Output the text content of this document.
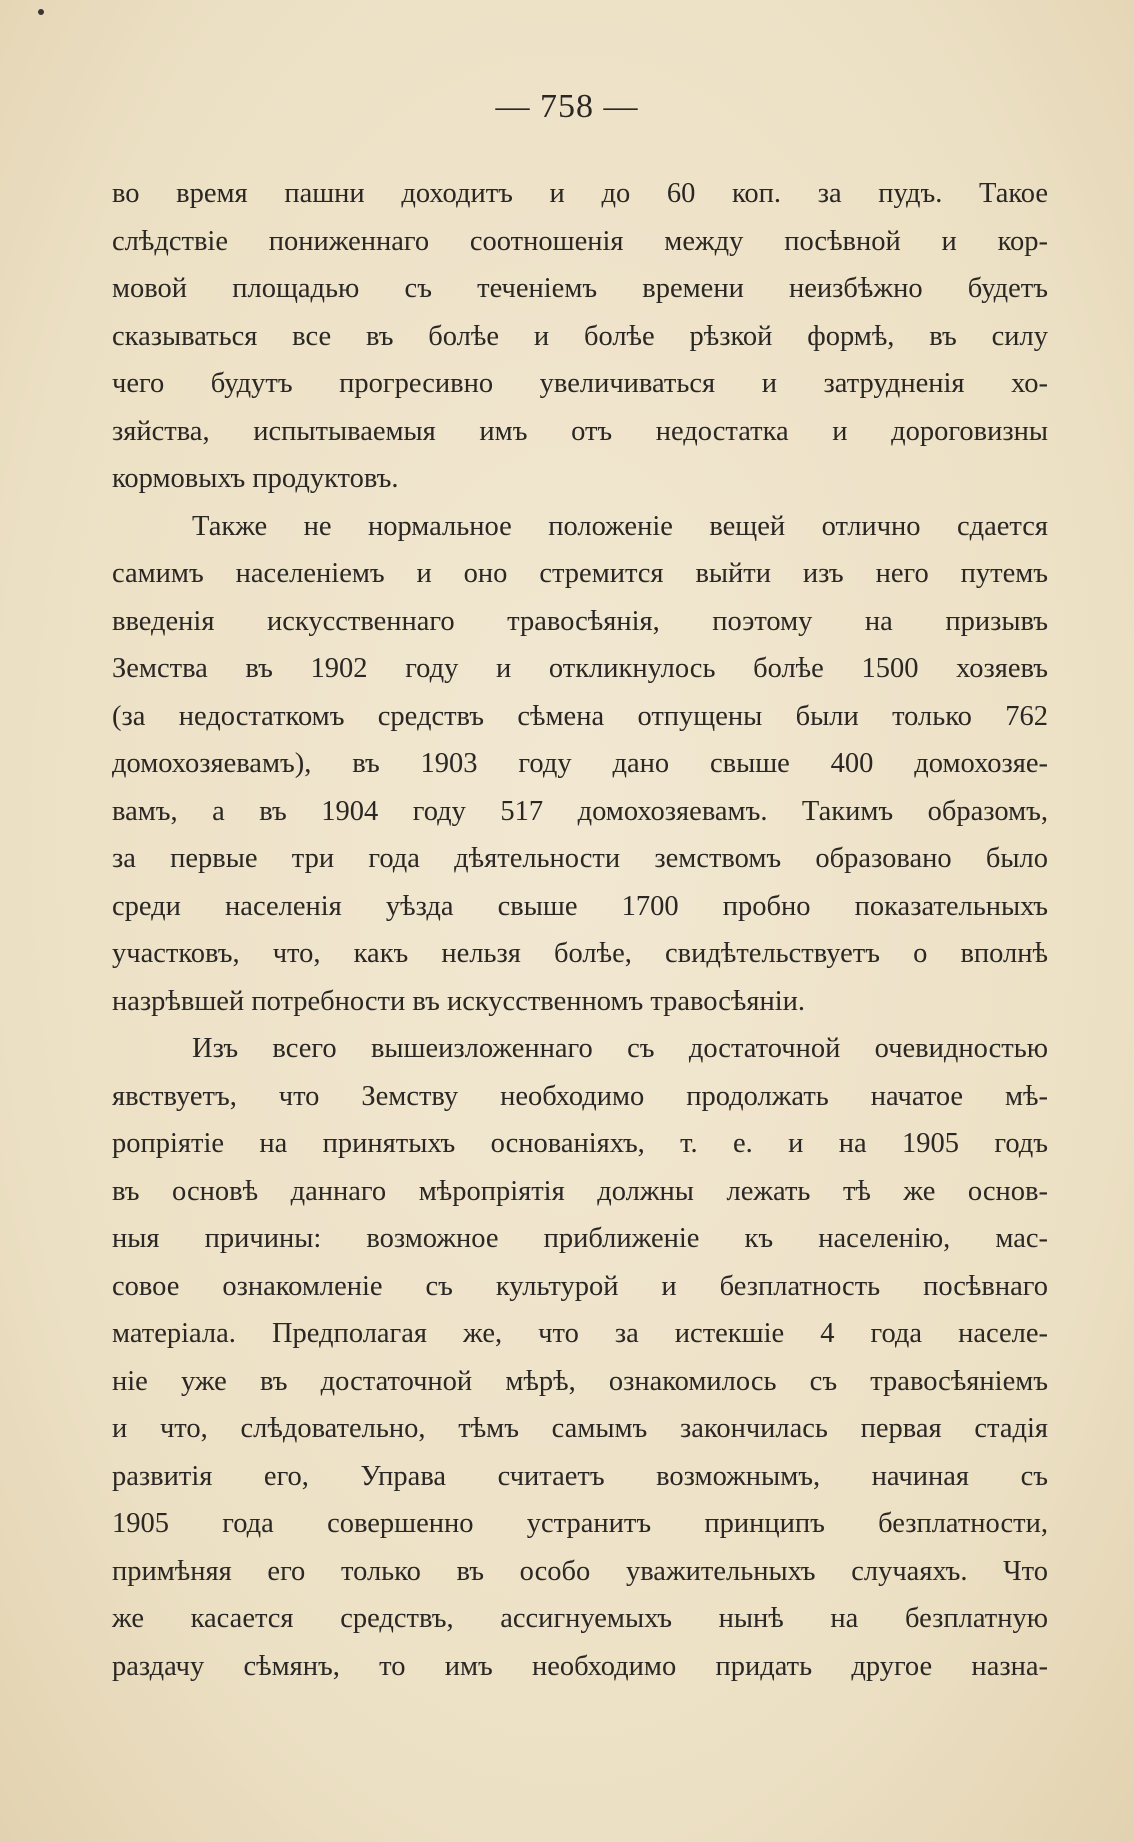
— 758 —
во время пашни доходитъ и до 60 коп. за пудъ. Такое
слѣдствіе пониженнаго соотношенія между посѣвной и кор-
мовой площадью съ теченіемъ времени неизбѣжно будетъ
сказываться все въ болѣе и болѣе рѣзкой формѣ, въ силу
чего будутъ прогресивно увеличиваться и затрудненія хо-
зяйства, испытываемыя имъ отъ недостатка и дороговизны
кормовыхъ продуктовъ.
Также не нормальное положеніе вещей отлично сдается
самимъ населеніемъ и оно стремится выйти изъ него путемъ
введенія искусственнаго травосѣянія, поэтому на призывъ
Земства въ 1902 году и откликнулось болѣе 1500 хозяевъ
(за недостаткомъ средствъ сѣмена отпущены были только 762
домохозяевамъ), въ 1903 году дано свыше 400 домохозяе-
вамъ, а въ 1904 году 517 домохозяевамъ. Такимъ образомъ,
за первые три года дѣятельности земствомъ образовано было
среди населенія уѣзда свыше 1700 пробно показательныхъ
участковъ, что, какъ нельзя болѣе, свидѣтельствуетъ о вполнѣ
назрѣвшей потребности въ искусственномъ травосѣяніи.
Изъ всего вышеизложеннаго съ достаточной очевидностью
явствуетъ, что Земству необходимо продолжать начатое мѣ-
ропріятіе на принятыхъ основаніяхъ, т. е. и на 1905 годъ
въ основѣ даннаго мѣропріятія должны лежать тѣ же основ-
ныя причины: возможное приближеніе къ населенію, мас-
совое ознакомленіе съ культурой и безплатность посѣвнаго
матеріала. Предполагая же, что за истекшіе 4 года населе-
ніе уже въ достаточной мѣрѣ, ознакомилось съ травосѣяніемъ
и что, слѣдовательно, тѣмъ самымъ закончилась первая стадія
развитія его, Управа считаетъ возможнымъ, начиная съ
1905 года совершенно устранитъ принципъ безплатности,
примѣняя его только въ особо уважительныхъ случаяхъ. Что
же касается средствъ, ассигнуемыхъ нынѣ на безплатную
раздачу сѣмянъ, то имъ необходимо придать другое назна-
